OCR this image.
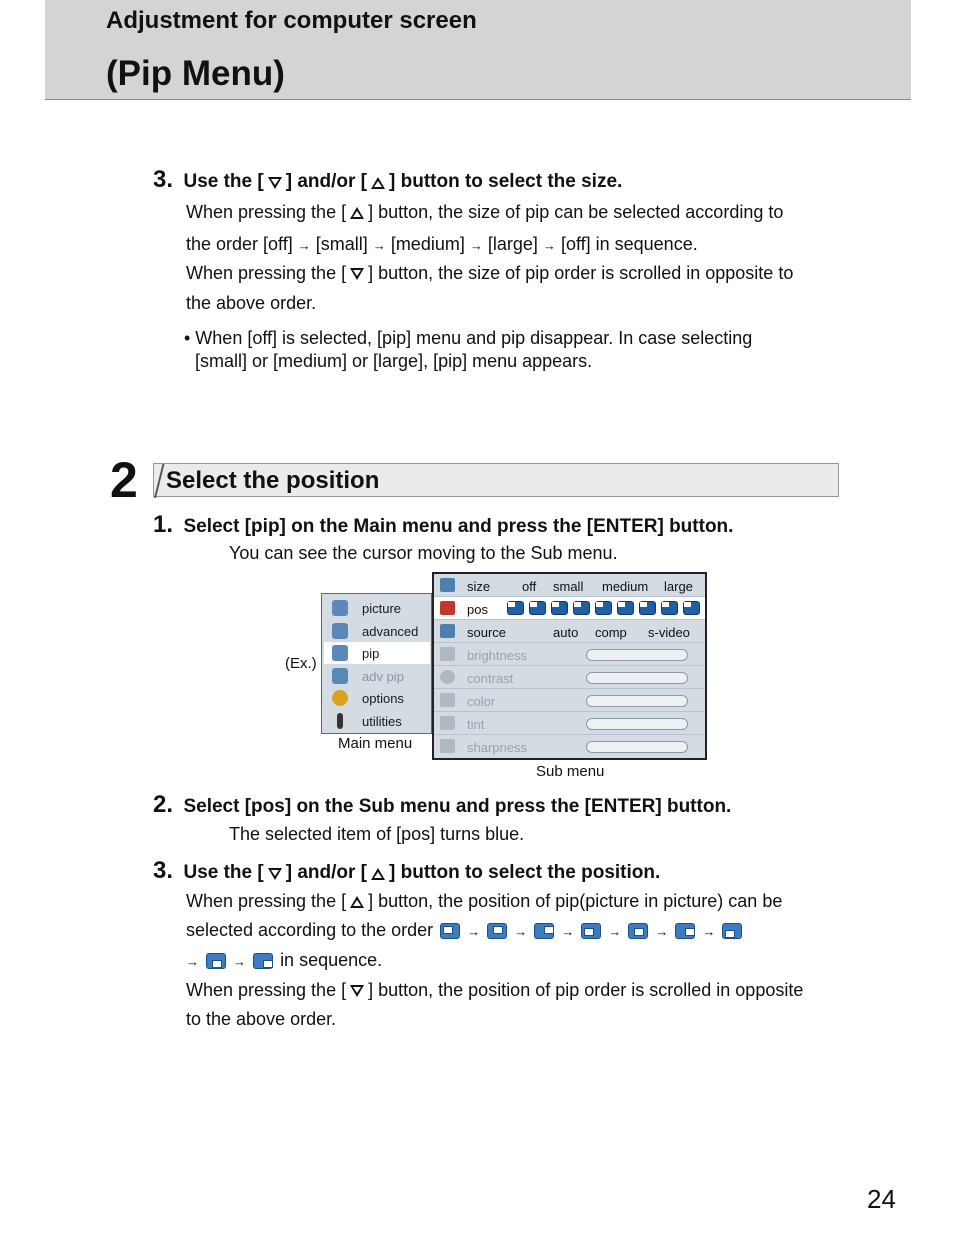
Adjustment for computer screen
(Pip Menu)
3. Use the [ ] and/or [ ] button to select the size.
When pressing the [ ] button, the size of pip can be selected according to
the order [off] → [small] → [medium] → [large] → [off] in sequence.
When pressing the [ ] button, the size of pip order is scrolled in opposite to
the above order.
• When [off] is selected, [pip] menu and pip disappear. In case selecting
[small] or [medium] or [large], [pip] menu appears.
2 Select the position
1. Select [pip] on the Main menu and press the [ENTER] button.
You can see the cursor moving to the Sub menu.
(Ex.)
picture
advanced
pip
adv pip
options
utilities
Main menu
size off small medium large
pos
source	auto comp s-video
brightness
contrast
color
tint
sharpness
Sub menu
2. Select [pos] on the Sub menu and press the [ENTER] button.
The selected item of [pos] turns blue.
3. Use the [ ] and/or [ ] button to select the position.
When pressing the [ ] button, the position of pip(picture in picture) can be
selected according to the order	→	→	→	→	→	→
→	→ in sequence.
When pressing the [ ] button, the position of pip order is scrolled in opposite
to the above order.
24
